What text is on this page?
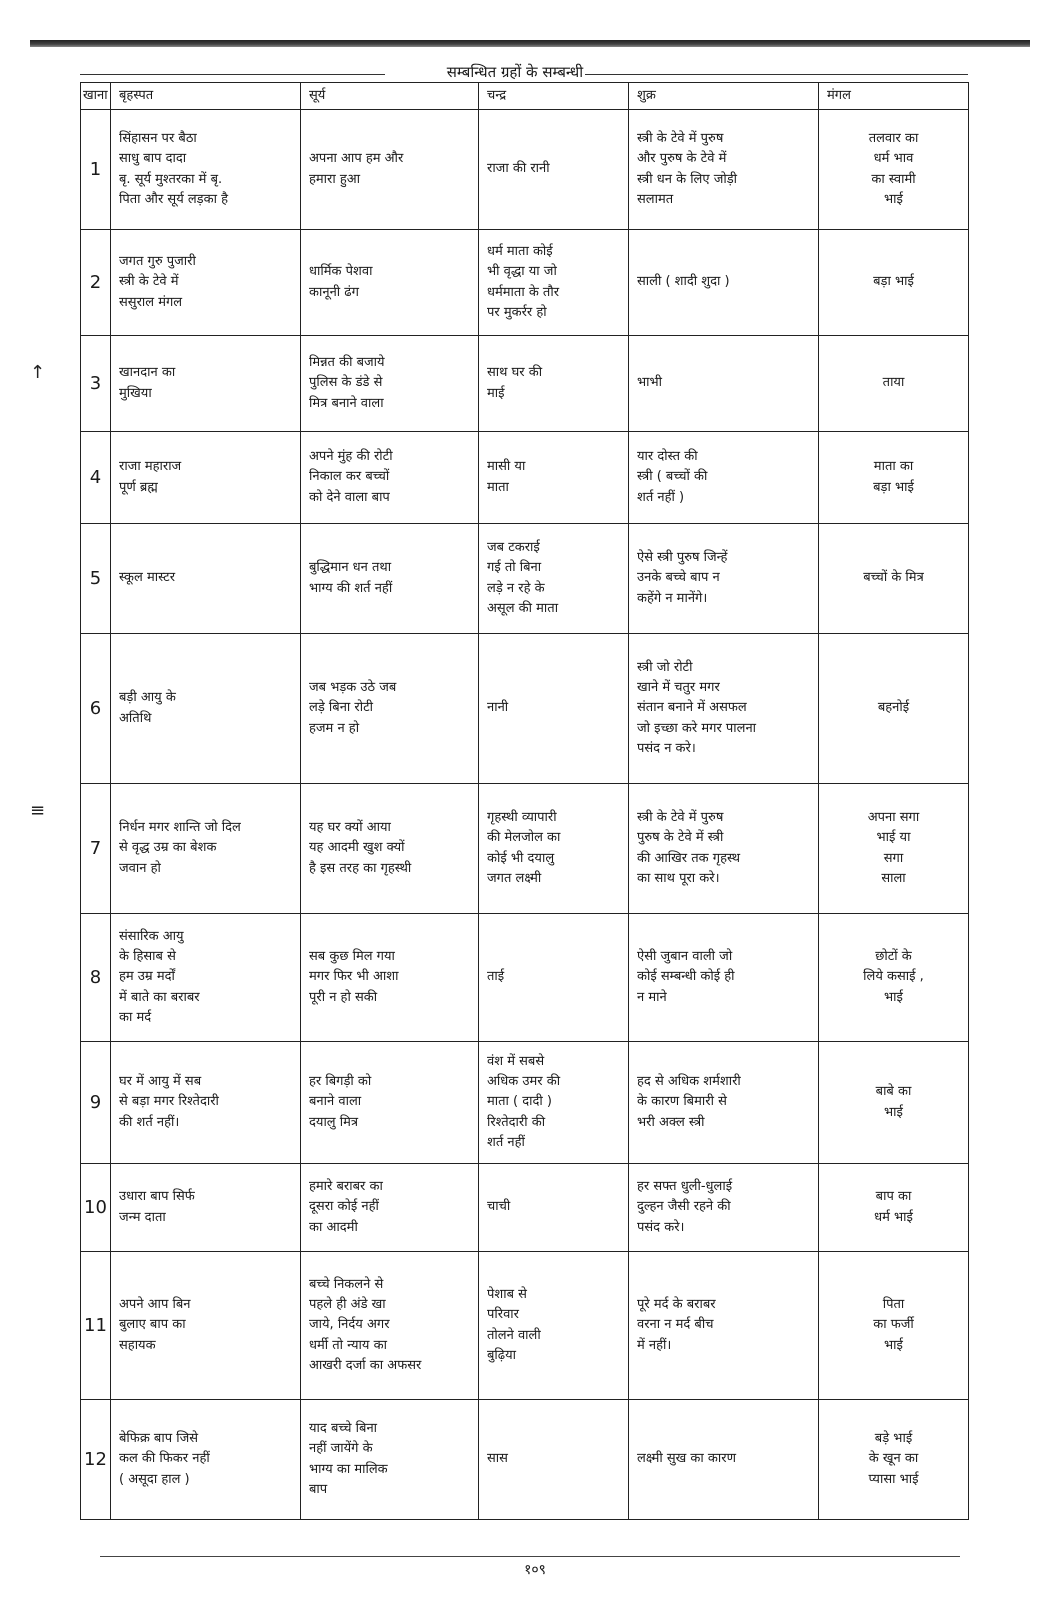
सम्बन्धित ग्रहों के सम्बन्धी
खाना	बृहस्पत	सूर्य	चन्द्र	शुक्र	मंगल
1	सिंहासन पर बैठा
साधु बाप दादा
बृ. सूर्य मुश्तरका में बृ.
पिता और सूर्य लड़का है	अपना आप हम और
हमारा हुआ	राजा की रानी	स्त्री के टेवे में पुरुष
और पुरुष के टेवे में
स्त्री धन के लिए जोड़ी
सलामत	तलवार का
धर्म भाव
का स्वामी
भाई

2	जगत गुरु पुजारी
स्त्री के टेवे में
ससुराल मंगल	धार्मिक पेशवा
कानूनी ढंग	धर्म माता कोई
भी वृद्धा या जो
धर्ममाता के तौर
पर मुकर्रर हो	साली ( शादी शुदा )	बड़ा भाई

3	खानदान का
मुखिया	मिन्नत की बजाये
पुलिस के डंडे से
मित्र बनाने वाला	साथ घर की
माई	भाभी	ताया

4	राजा महाराज
पूर्ण ब्रह्म	अपने मुंह की रोटी
निकाल कर बच्चों
को देने वाला बाप	मासी या
माता	यार दोस्त की
स्त्री ( बच्चों की
शर्त नहीं )	माता का
बड़ा भाई

5	स्कूल मास्टर	बुद्धिमान धन तथा
भाग्य की शर्त नहीं	जब टकराई
गई तो बिना
लड़े न रहे के
असूल की माता	ऐसे स्त्री पुरुष जिन्हें
उनके बच्चे बाप न
कहेंगे न मानेंगे।	बच्चों के मित्र

6	बड़ी आयु के
अतिथि	जब भड़क उठे जब
लड़े बिना रोटी
हजम न हो	नानी	स्त्री जो रोटी
खाने में चतुर मगर
संतान बनाने में असफल
जो इच्छा करे मगर पालना
पसंद न करे।	बहनोई

7	निर्धन मगर शान्ति जो दिल
से वृद्ध उम्र का बेशक
जवान हो	यह घर क्यों आया
यह आदमी खुश क्यों
है इस तरह का गृहस्थी	गृहस्थी व्यापारी
की मेलजोल का
कोई भी दयालु
जगत लक्ष्मी	स्त्री के टेवे में पुरुष
पुरुष के टेवे में स्त्री
की आखिर तक गृहस्थ
का साथ पूरा करे।	अपना सगा
भाई या
सगा
साला

8	संसारिक आयु
के हिसाब से
हम उम्र मर्दों
में बाते का बराबर
का मर्द	सब कुछ मिल गया
मगर फिर भी आशा
पूरी न हो सकी	ताई	ऐसी जुबान वाली जो
कोई सम्बन्धी कोई ही
न माने	छोटों के
लिये कसाई ,
भाई

9	घर में आयु में सब
से बड़ा मगर रिश्तेदारी
की शर्त नहीं।	हर बिगड़ी को
बनाने वाला
दयालु मित्र	वंश में सबसे
अधिक उमर की
माता ( दादी )
रिश्तेदारी की
शर्त नहीं	हद से अधिक शर्मशारी
के कारण बिमारी से
भरी अक्ल स्त्री	बाबे का
भाई

10	उधारा बाप सिर्फ
जन्म दाता	हमारे बराबर का
दूसरा कोई नहीं
का आदमी	चाची	हर सफ्त धुली-धुलाई
दुल्हन जैसी रहने की
पसंद करे।	बाप का
धर्म भाई

11	अपने आप बिन
बुलाए बाप का
सहायक	बच्चे निकलने से
पहले ही अंडे खा
जाये, निर्दय अगर
धर्मी तो न्याय का
आखरी दर्जा का अफसर	पेशाब से
परिवार
तोलने वाली
बुढ़िया	पूरे मर्द के बराबर
वरना न मर्द बीच
में नहीं।	पिता
का फर्जी
भाई

12	बेफिक्र बाप जिसे
कल की फिकर नहीं
( असूदा हाल )	याद बच्चे बिना
नहीं जायेंगे के
भाग्य का मालिक
बाप	सास	लक्ष्मी सुख का कारण	बड़े भाई
के खून का
प्यासा भाई
१०९
↑
≡
